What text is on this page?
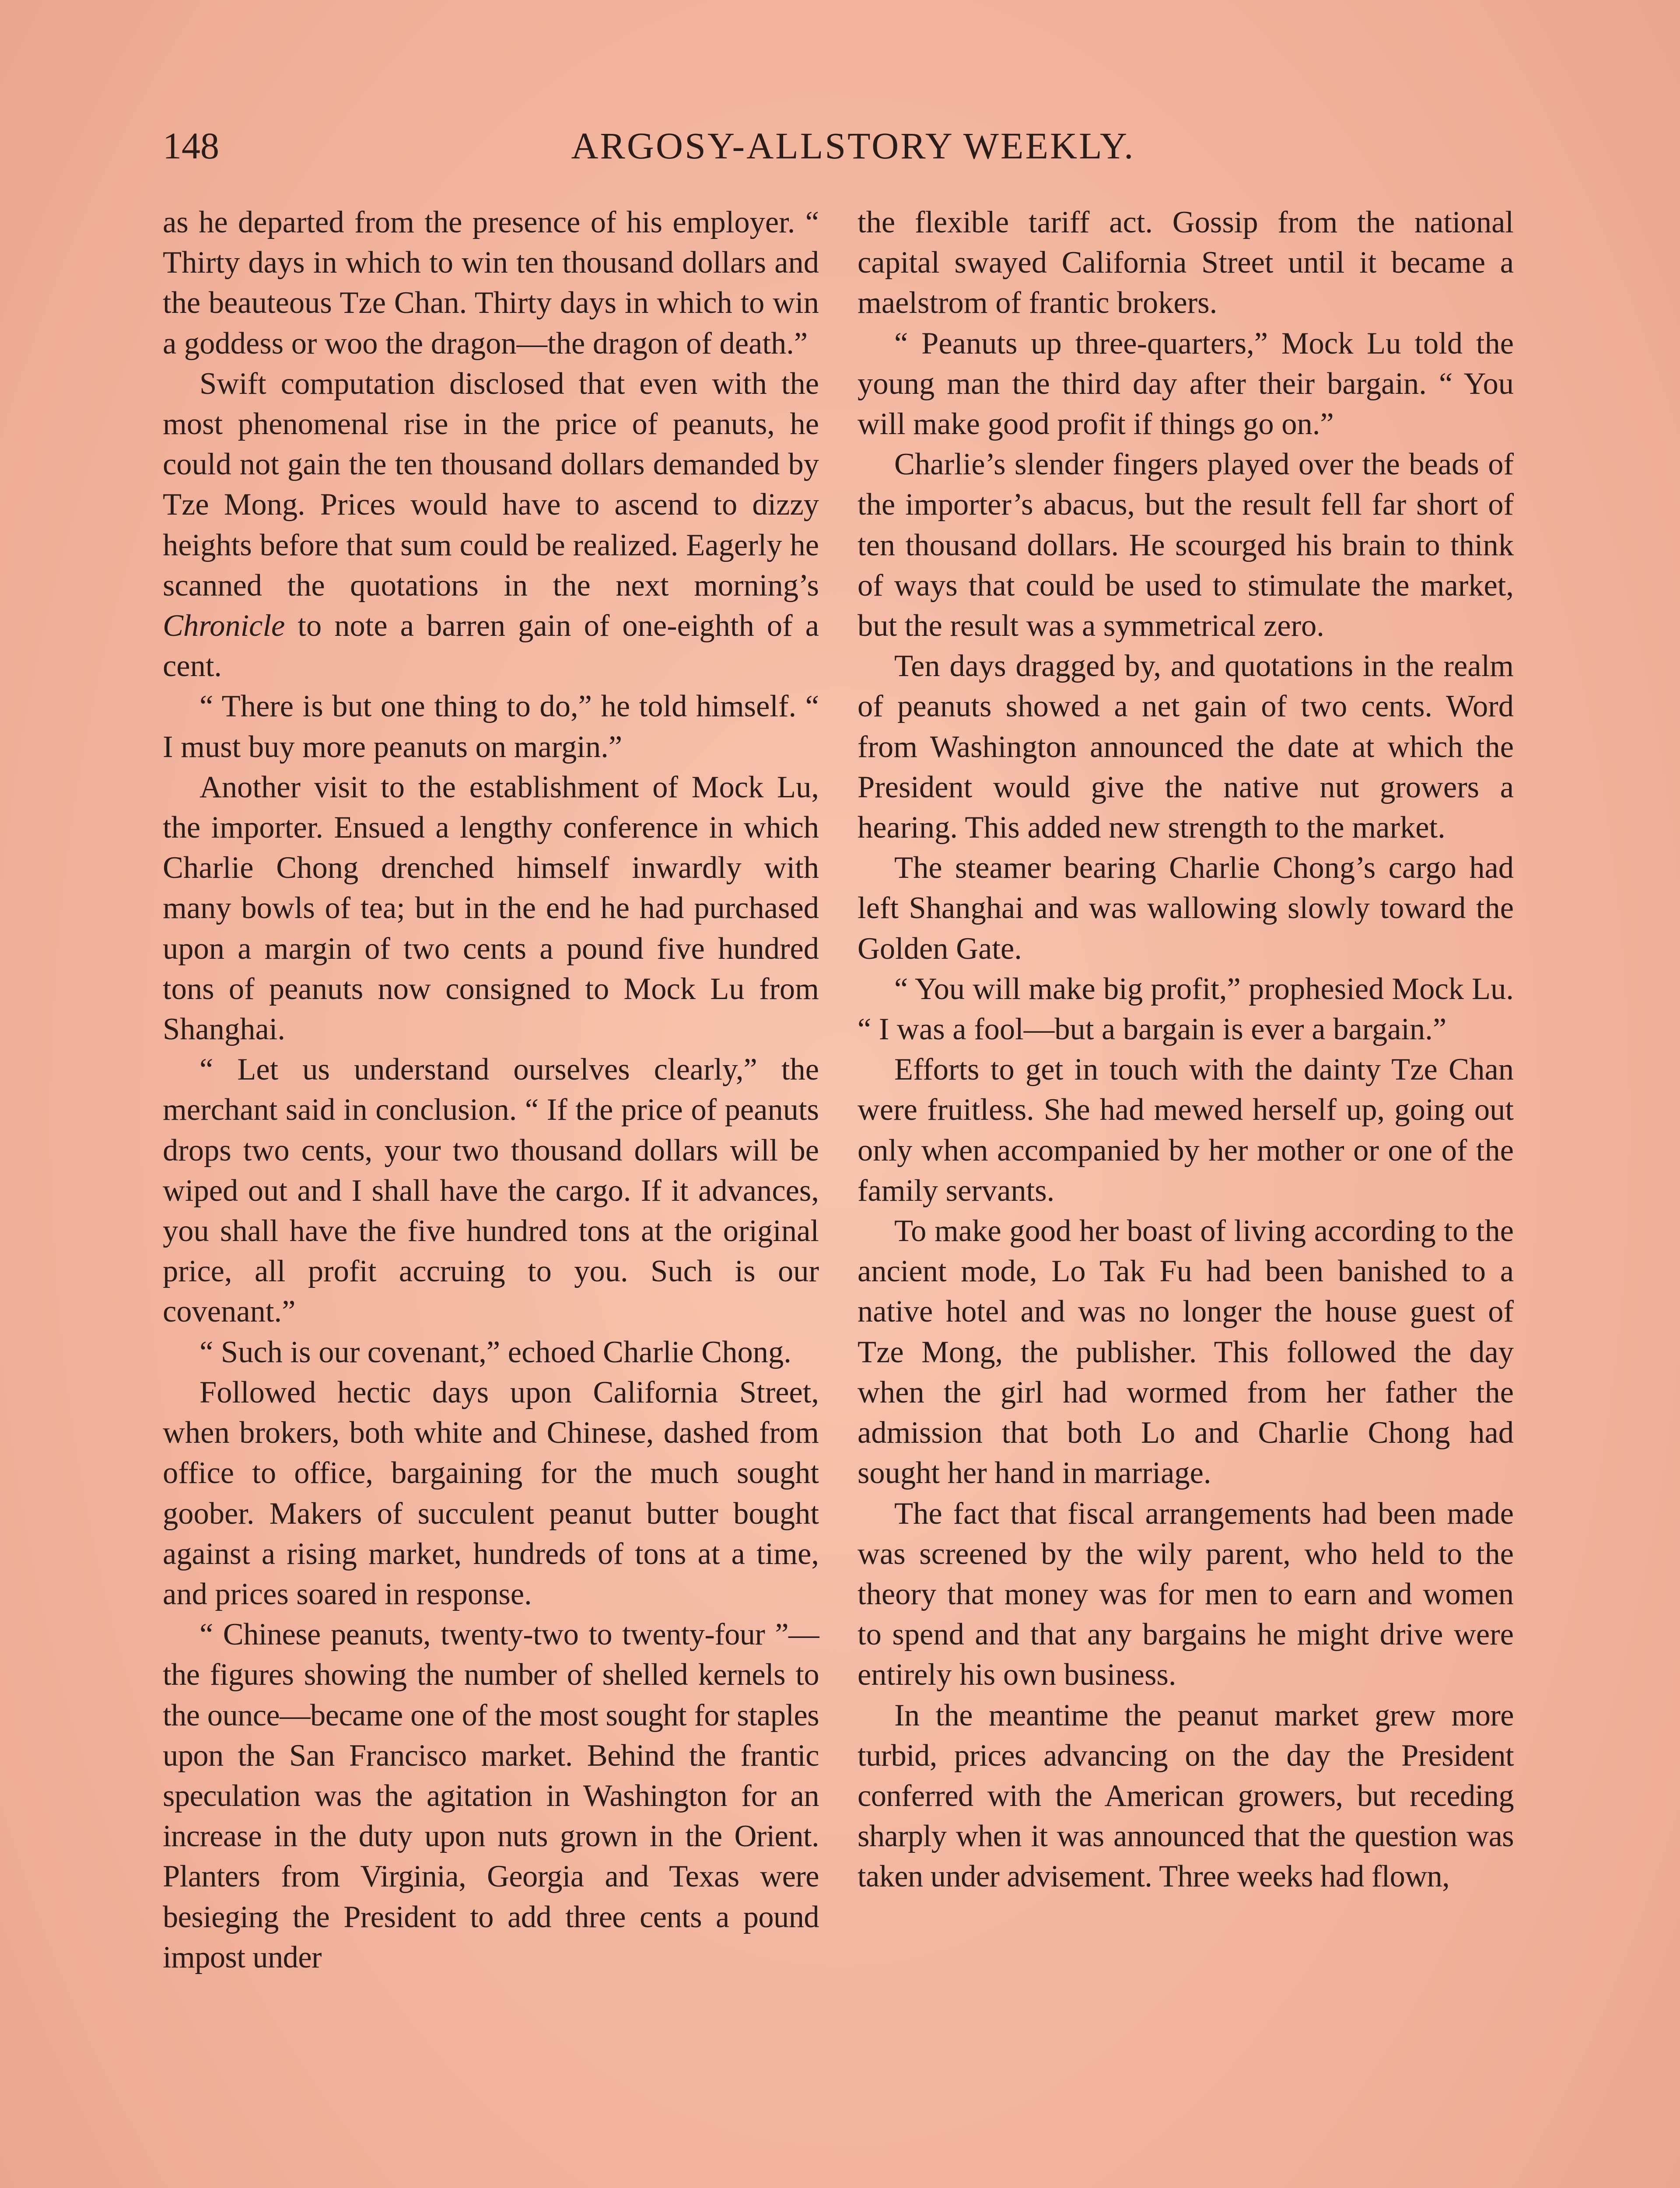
148	ARGOSY-ALLSTORY WEEKLY.

as he departed from the presence of his employer. “ Thirty days in which to win ten thousand dollars and the beauteous Tze Chan. Thirty days in which to win a goddess or woo the dragon—the dragon of death.”

Swift computation disclosed that even with the most phenomenal rise in the price of peanuts, he could not gain the ten thousand dollars demanded by Tze Mong. Prices would have to ascend to dizzy heights before that sum could be realized. Eagerly he scanned the quotations in the next morning’s Chronicle to note a barren gain of one-eighth of a cent.

“ There is but one thing to do,” he told himself. “ I must buy more peanuts on margin.”

Another visit to the establishment of Mock Lu, the importer. Ensued a lengthy conference in which Charlie Chong drenched himself inwardly with many bowls of tea; but in the end he had purchased upon a margin of two cents a pound five hundred tons of peanuts now consigned to Mock Lu from Shanghai.

“ Let us understand ourselves clearly,” the merchant said in conclusion. “ If the price of peanuts drops two cents, your two thousand dollars will be wiped out and I shall have the cargo. If it advances, you shall have the five hundred tons at the original price, all profit accruing to you. Such is our covenant.”

“ Such is our covenant,” echoed Charlie Chong.

Followed hectic days upon California Street, when brokers, both white and Chinese, dashed from office to office, bargaining for the much sought goober. Makers of succulent peanut butter bought against a rising market, hundreds of tons at a time, and prices soared in response.

“ Chinese peanuts, twenty-two to twenty-four ”—the figures showing the number of shelled kernels to the ounce—became one of the most sought for staples upon the San Francisco market. Behind the frantic speculation was the agitation in Washington for an increase in the duty upon nuts grown in the Orient. Planters from Virginia, Georgia and Texas were besieging the President to add three cents a pound impost under

the flexible tariff act. Gossip from the national capital swayed California Street until it became a maelstrom of frantic brokers.

“ Peanuts up three-quarters,” Mock Lu told the young man the third day after their bargain. “ You will make good profit if things go on.”

Charlie’s slender fingers played over the beads of the importer’s abacus, but the result fell far short of ten thousand dollars. He scourged his brain to think of ways that could be used to stimulate the market, but the result was a symmetrical zero.

Ten days dragged by, and quotations in the realm of peanuts showed a net gain of two cents. Word from Washington announced the date at which the President would give the native nut growers a hearing. This added new strength to the market.

The steamer bearing Charlie Chong’s cargo had left Shanghai and was wallowing slowly toward the Golden Gate.

“ You will make big profit,” prophesied Mock Lu. “ I was a fool—but a bargain is ever a bargain.”

Efforts to get in touch with the dainty Tze Chan were fruitless. She had mewed herself up, going out only when accompanied by her mother or one of the family servants.

To make good her boast of living according to the ancient mode, Lo Tak Fu had been banished to a native hotel and was no longer the house guest of Tze Mong, the publisher. This followed the day when the girl had wormed from her father the admission that both Lo and Charlie Chong had sought her hand in marriage.

The fact that fiscal arrangements had been made was screened by the wily parent, who held to the theory that money was for men to earn and women to spend and that any bargains he might drive were entirely his own business.

In the meantime the peanut market grew more turbid, prices advancing on the day the President conferred with the American growers, but receding sharply when it was announced that the question was taken under advisement. Three weeks had flown,
